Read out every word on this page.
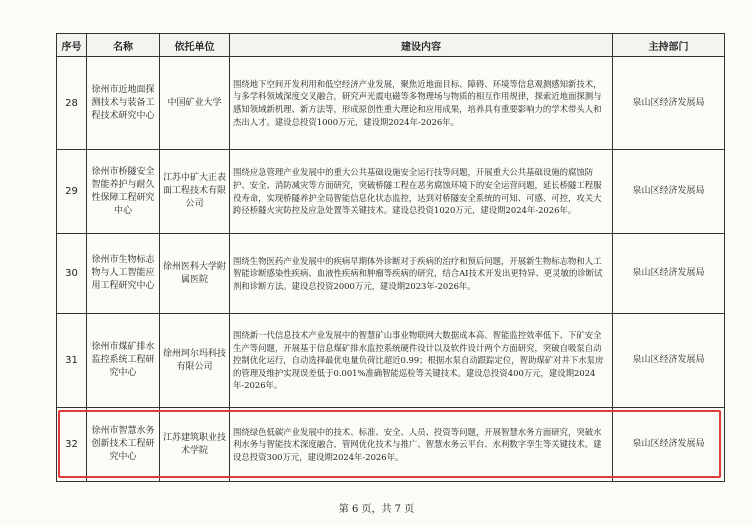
序号	名称	依托单位	建设内容	主持部门
28	徐州市近地面探测技术与装备工程技术研究中心	中国矿业大学	围绕地下空间开发利用和低空经济产业发展，聚焦近地面目标、障碍、环境等信息观测感知新技术，与多学科领域深度交叉融合，研究声光震电磁等多物理场与物质的相互作用规律，探索近地面探测与感知领域新机理、新方法等，形成原创性重大理论和应用成果，培养具有重要影响力的学术带头人和杰出人才。建设总投资1000万元，建设期2024年-2026年。	泉山区经济发展局
29	徐州市桥隧安全智能养护与耐久性保障工程研究中心	江苏中矿大正表面工程技术有限公司	围绕应急管理产业发展中的重大公共基础设施安全运行技等问题，开展重大公共基础设施的腐蚀防护、安全、消防减灾等方面研究，突破桥隧工程在恶劣腐蚀环境下的安全运营问题，延长桥隧工程服役寿命，实现桥隧养护全局智能信息化状态监控，达到对桥隧安全系统的可知、可感、可控，攻关大跨径桥隧火灾防控及应急处置等关键技术。建设总投资1020万元，建设期2024年-2026年。	泉山区经济发展局
30	徐州市生物标志物与人工智能应用工程研究中心	徐州医科大学附属医院	围绕生物医药产业发展中的疾病早期体外诊断对于疾病的治疗和预后问题，开展新生物标志物和人工智能诊断感染性疾病、血液性疾病和肿瘤等疾病的研究，结合AI技术开发出更特异、更灵敏的诊断试剂和诊断方法。建设总投资2000万元，建设期2023年-2026年。	泉山区经济发展局
31	徐州市煤矿排水监控系统工程研究中心	徐州珂尔玛科技有限公司	围绕新一代信息技术产业发展中的智慧矿山事业物联网大数据成本高、智能监控效率低下、下矿安全生产等问题，开展基于信息煤矿排水监控系统硬件设计以及软件设计两个方面研究，突破自吸泵自动控制优化运行，自动选择最优电量负荷比超近0.99；根据水泵自动跟踪定位，智助煤矿对井下水泵房的管理及维护实现误差低于0.001%准确智能巡检等关键技术。建设总投资400万元，建设期2024年-2026年。	泉山区经济发展局
32	徐州市智慧水务创新技术工程研究中心	江苏建筑职业技术学院	围绕绿色低碳产业发展中的技术、标准、安全、人员、投资等问题，开展智慧水务方面研究，突破水利水务与智能技术深度融合、管网优化技术与推广、智慧水务云平台、水利数字孪生等关键技术。建设总投资300万元，建设期2024年-2026年。	泉山区经济发展局
第 6 页，共 7 页
